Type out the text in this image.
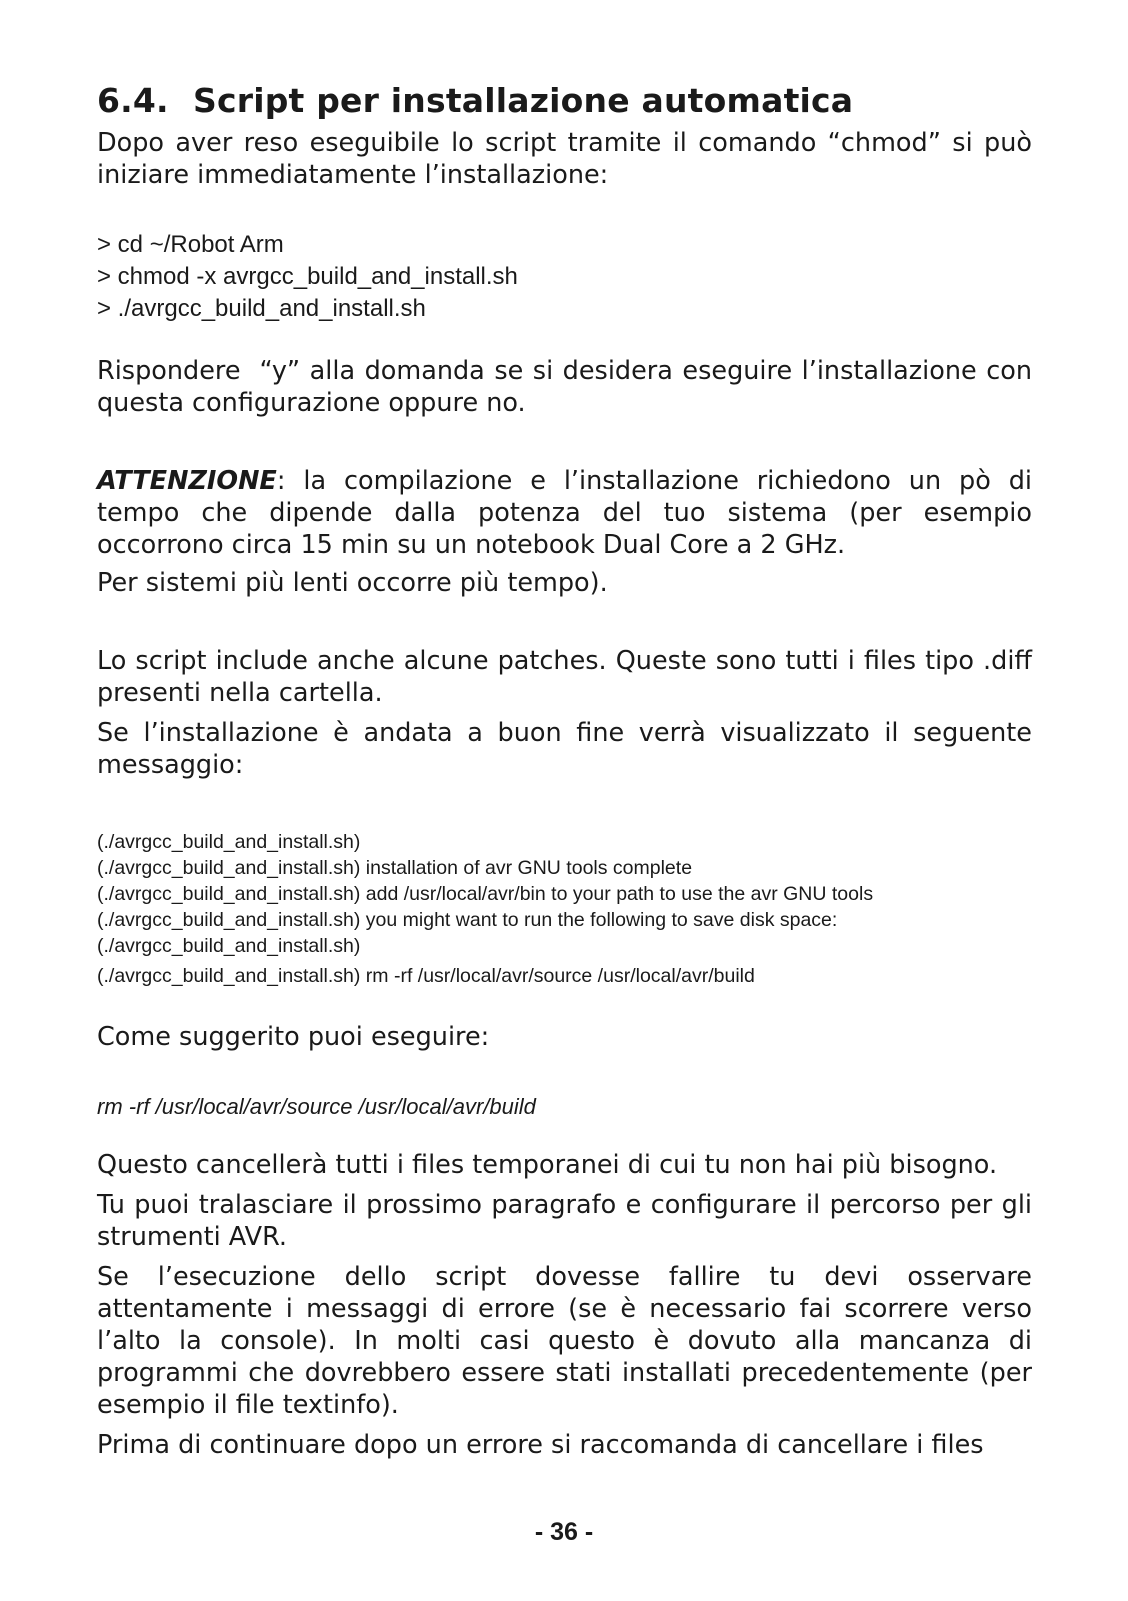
6.4. Script per installazione automatica

Dopo aver reso eseguibile lo script tramite il comando “chmod” si può iniziare immediatamente l’installazione:

> cd ~/Robot Arm

> chmod -x avrgcc_build_and_install.sh

> ./avrgcc_build_and_install.sh

Rispondere  “y” alla domanda se si desidera eseguire l’installazione con questa configurazione oppure no.

ATTENZIONE: la compilazione e l’installazione richiedono un pò di tempo che dipende dalla potenza del tuo sistema (per esempio occorrono circa 15 min su un notebook Dual Core a 2 GHz.

Per sistemi più lenti occorre più tempo).

Lo script include anche alcune patches. Queste sono tutti i files tipo .diff presenti nella cartella.

Se l’installazione è andata a buon fine verrà visualizzato il seguente messaggio:

(./avrgcc_build_and_install.sh)

(./avrgcc_build_and_install.sh) installation of avr GNU tools complete

(./avrgcc_build_and_install.sh) add /usr/local/avr/bin to your path to use the avr GNU tools

(./avrgcc_build_and_install.sh) you might want to run the following to save disk space:

(./avrgcc_build_and_install.sh)

(./avrgcc_build_and_install.sh) rm -rf /usr/local/avr/source /usr/local/avr/build

Come suggerito puoi eseguire:

rm -rf /usr/local/avr/source /usr/local/avr/build

Questo cancellerà tutti i files temporanei di cui tu non hai più bisogno.

Tu puoi tralasciare il prossimo paragrafo e configurare il percorso per gli strumenti AVR.

Se l’esecuzione dello script dovesse fallire tu devi osservare attentamente i messaggi di errore (se è necessario fai scorrere verso l’alto la console). In molti casi questo è dovuto alla mancanza di programmi che dovrebbero essere stati installati precedentemente (per esempio il file textinfo).

Prima di continuare dopo un errore si raccomanda di cancellare i files

- 36 -
